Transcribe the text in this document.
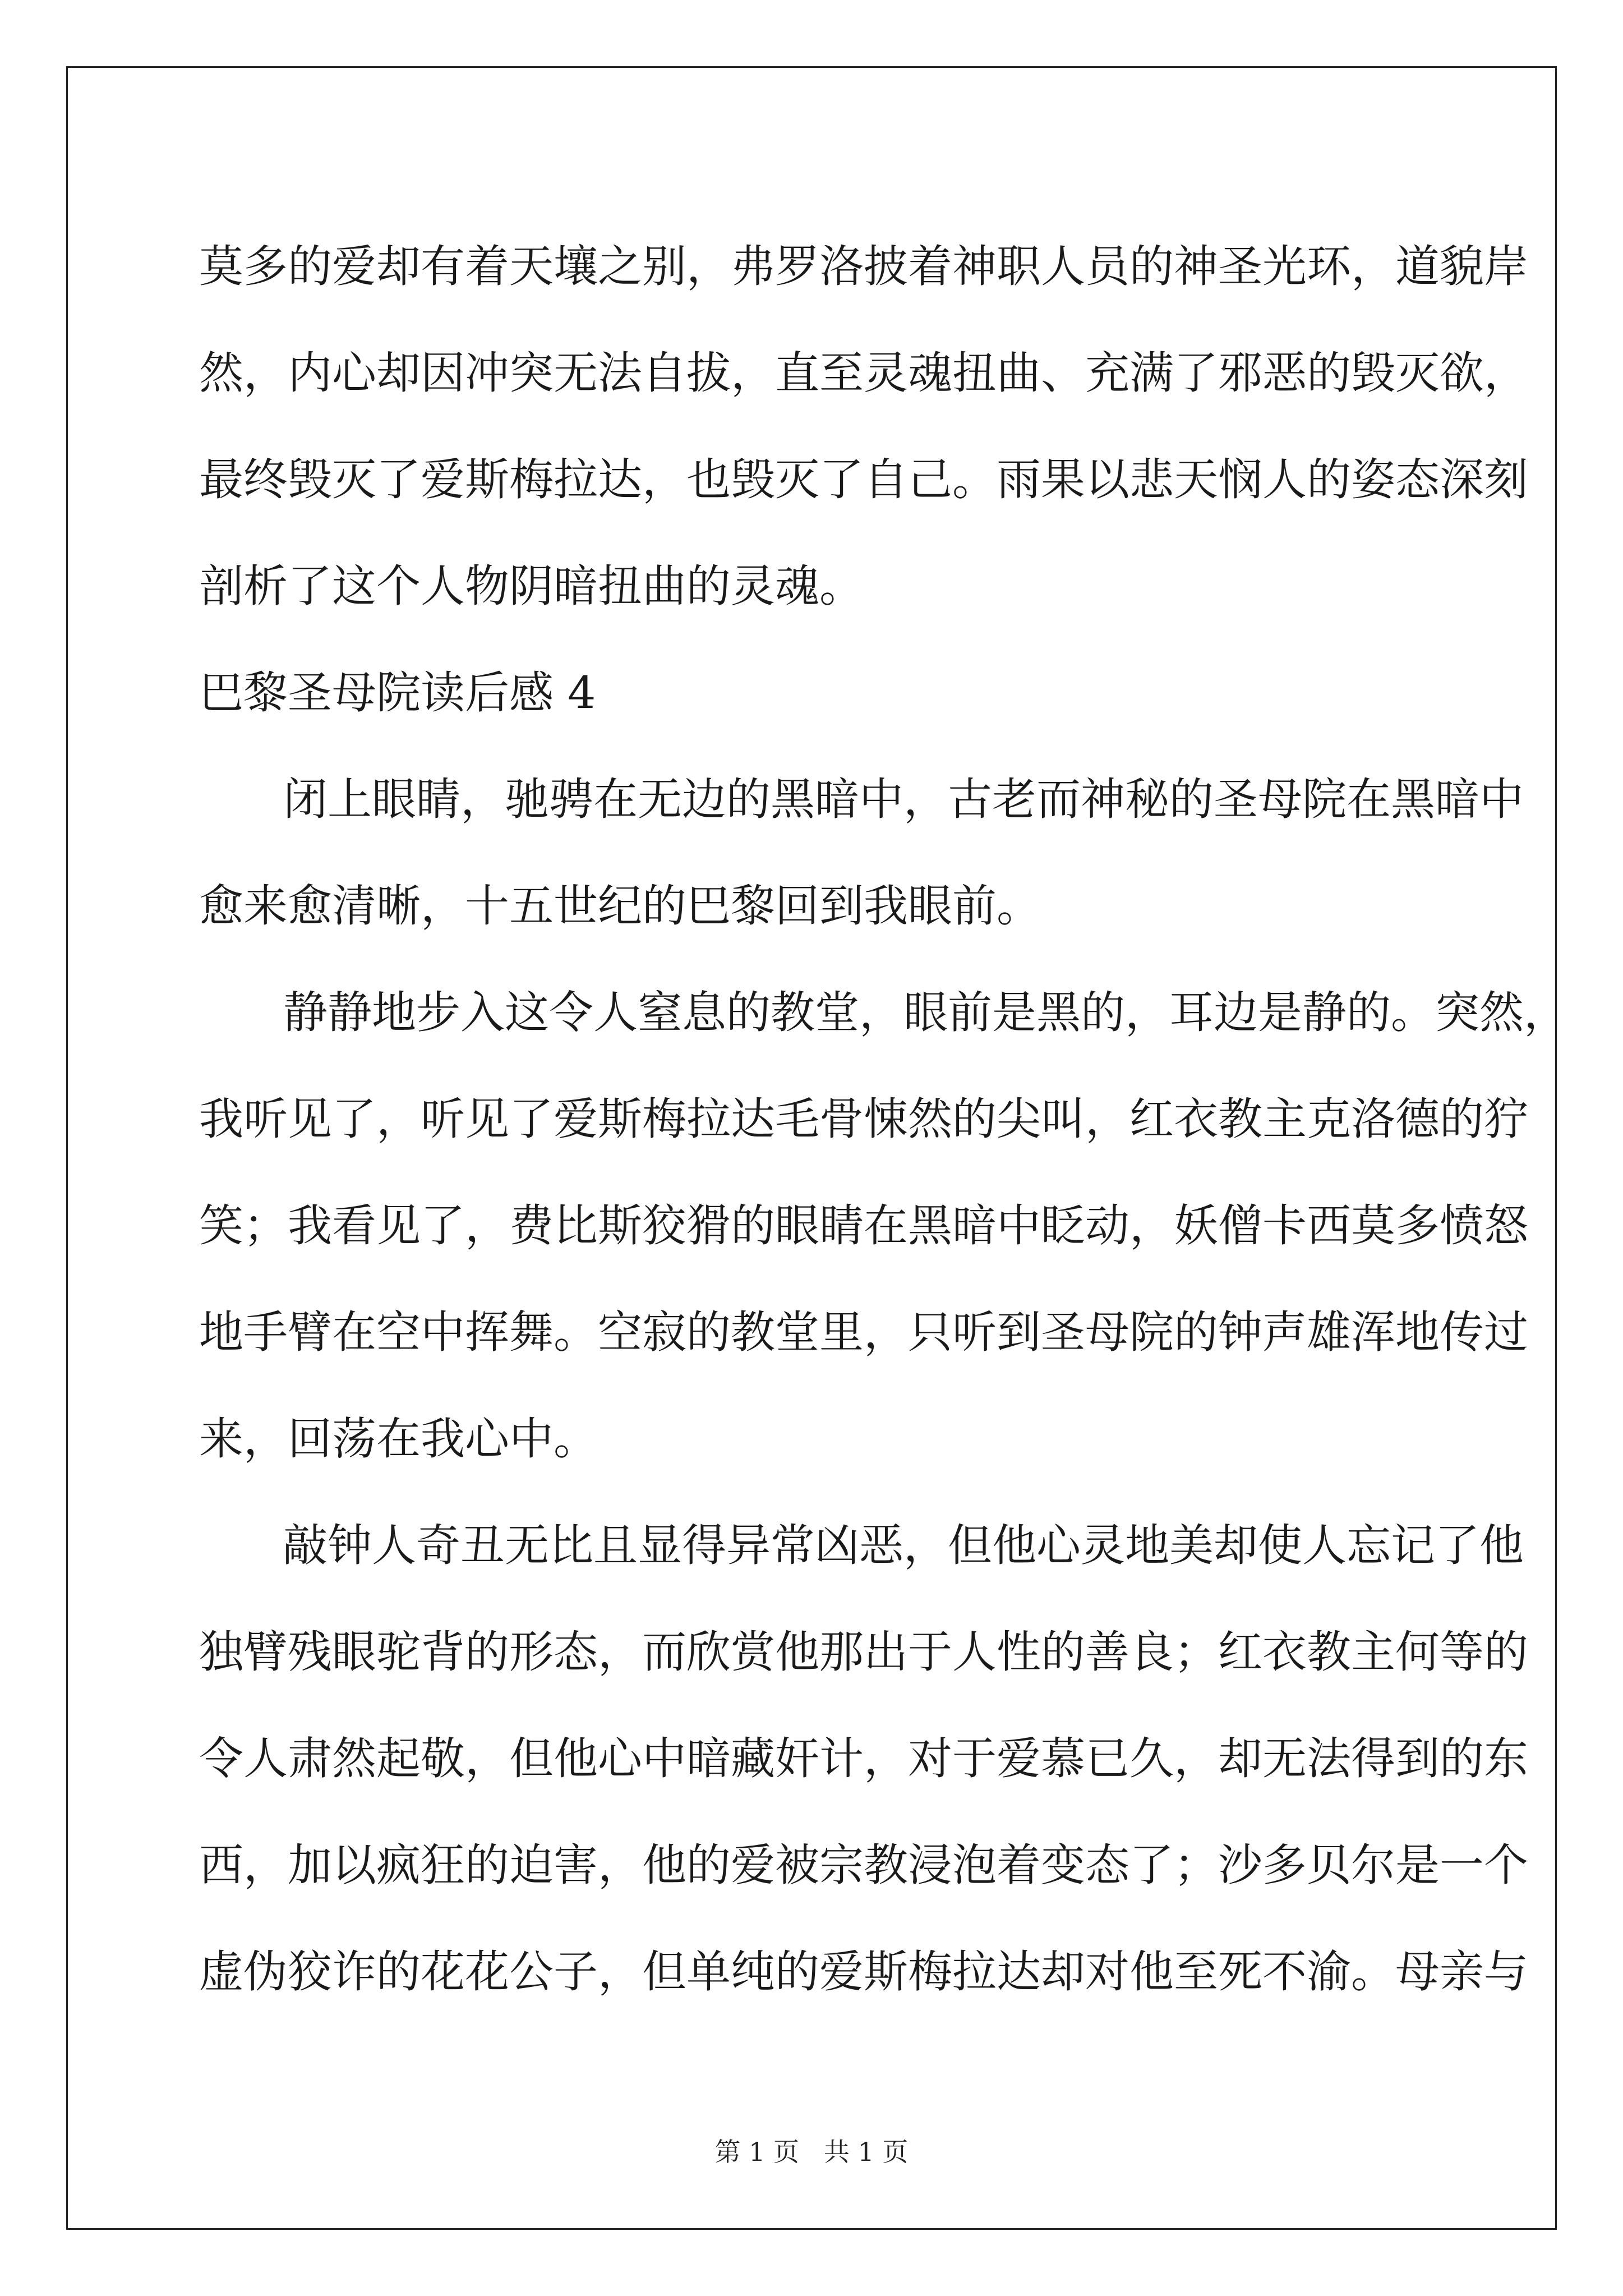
莫多的爱却有着天壤之别，弗罗洛披着神职人员的神圣光环，道貌岸
然，内心却因冲突无法自拔，直至灵魂扭曲、充满了邪恶的毁灭欲，
最终毁灭了爱斯梅拉达，也毁灭了自己。雨果以悲天悯人的姿态深刻
剖析了这个人物阴暗扭曲的灵魂。
巴黎圣母院读后感 4
闭上眼睛，驰骋在无边的黑暗中，古老而神秘的圣母院在黑暗中
愈来愈清晰，十五世纪的巴黎回到我眼前。
静静地步入这令人窒息的教堂，眼前是黑的，耳边是静的。突然，
我听见了，听见了爱斯梅拉达毛骨悚然的尖叫，红衣教主克洛德的狞
笑；我看见了，费比斯狡猾的眼睛在黑暗中眨动，妖僧卡西莫多愤怒
地手臂在空中挥舞。空寂的教堂里，只听到圣母院的钟声雄浑地传过
来，回荡在我心中。
敲钟人奇丑无比且显得异常凶恶，但他心灵地美却使人忘记了他
独臂残眼驼背的形态，而欣赏他那出于人性的善良；红衣教主何等的
令人肃然起敬，但他心中暗藏奸计，对于爱慕已久，却无法得到的东
西，加以疯狂的迫害，他的爱被宗教浸泡着变态了；沙多贝尔是一个
虚伪狡诈的花花公子，但单纯的爱斯梅拉达却对他至死不渝。母亲与
第 1 页   共 1 页
